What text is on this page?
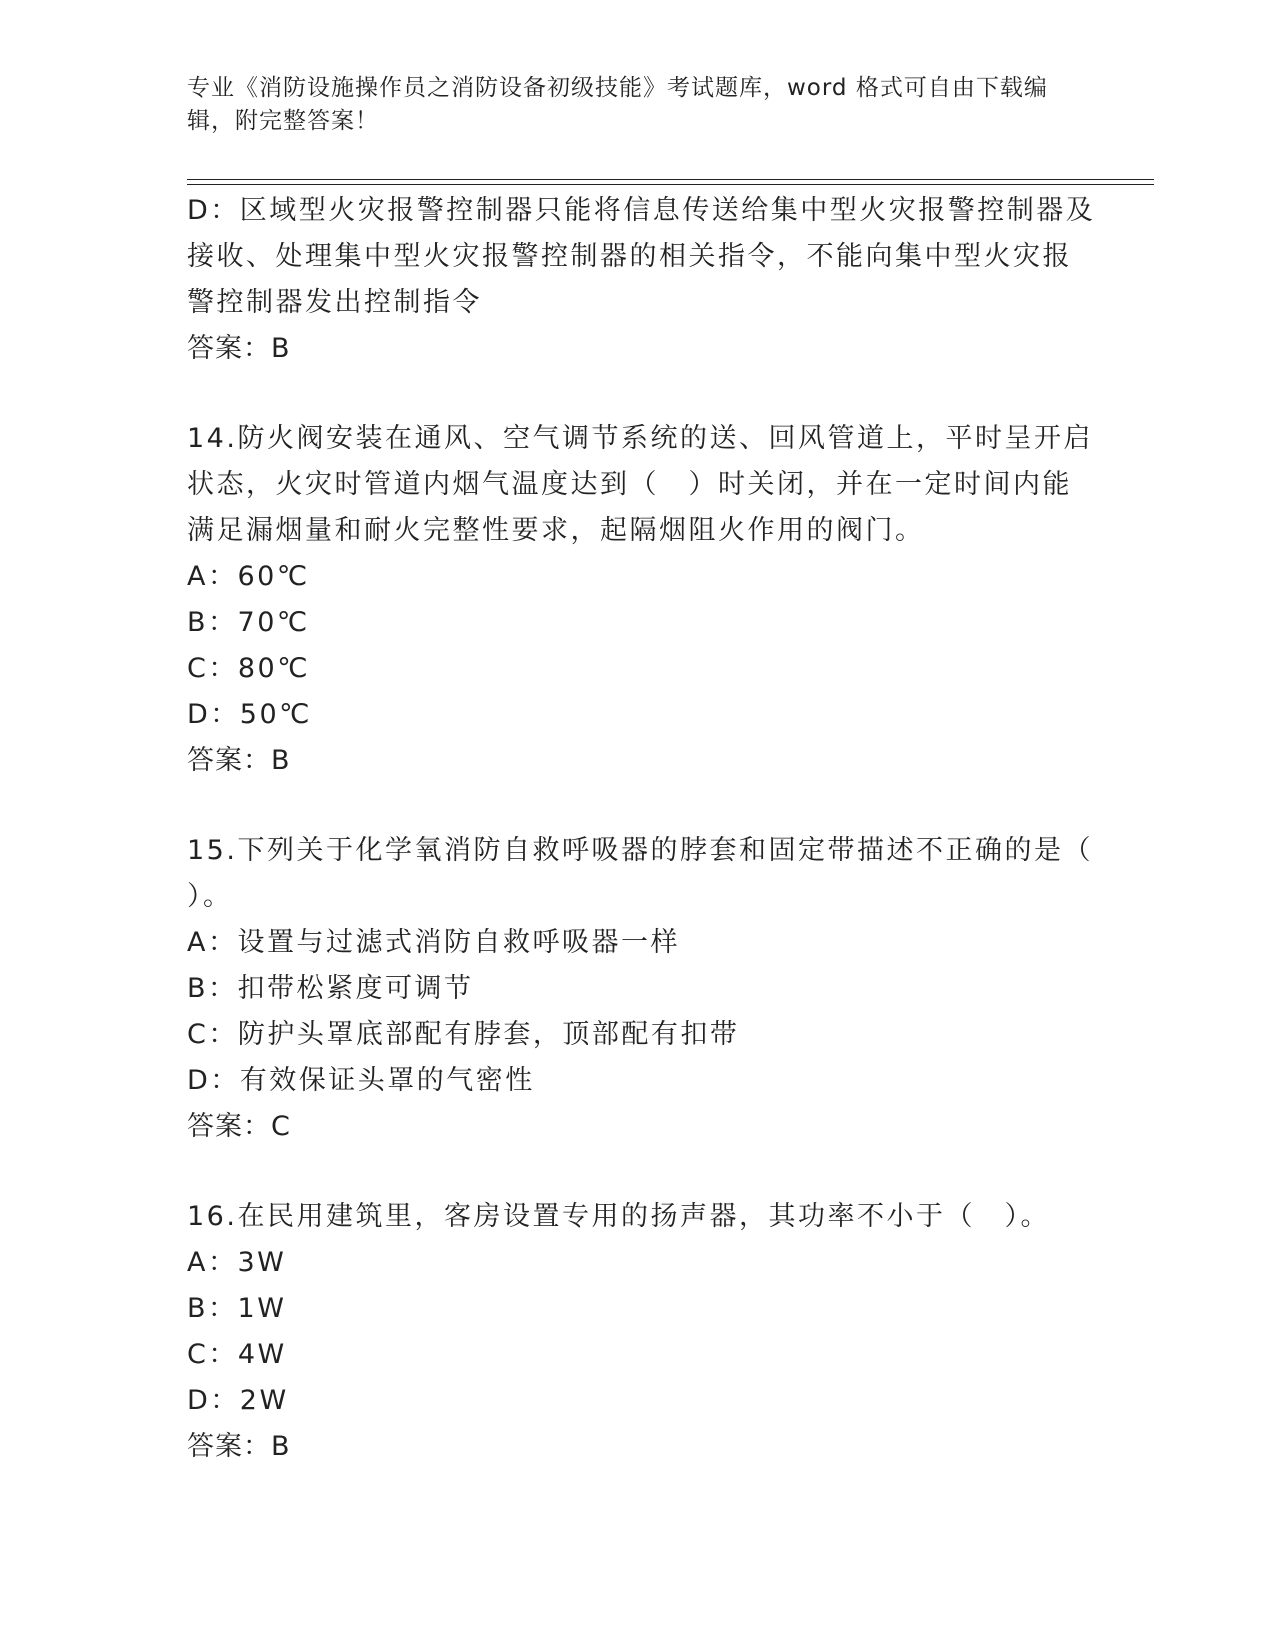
专业《消防设施操作员之消防设备初级技能》考试题库，word 格式可自由下载编
辑，附完整答案！
D：区域型火灾报警控制器只能将信息传送给集中型火灾报警控制器及
接收、处理集中型火灾报警控制器的相关指令，不能向集中型火灾报
警控制器发出控制指令
答案：B
14.防火阀安装在通风、空气调节系统的送、回风管道上，平时呈开启
状态，火灾时管道内烟气温度达到（　）时关闭，并在一定时间内能
满足漏烟量和耐火完整性要求，起隔烟阻火作用的阀门。
A：60℃
B：70℃
C：80℃
D：50℃
答案：B
15.下列关于化学氧消防自救呼吸器的脖套和固定带描述不正确的是（
）。
A：设置与过滤式消防自救呼吸器一样
B：扣带松紧度可调节
C：防护头罩底部配有脖套，顶部配有扣带
D：有效保证头罩的气密性
答案：C
16.在民用建筑里，客房设置专用的扬声器，其功率不小于（　）。
A：3W
B：1W
C：4W
D：2W
答案：B
